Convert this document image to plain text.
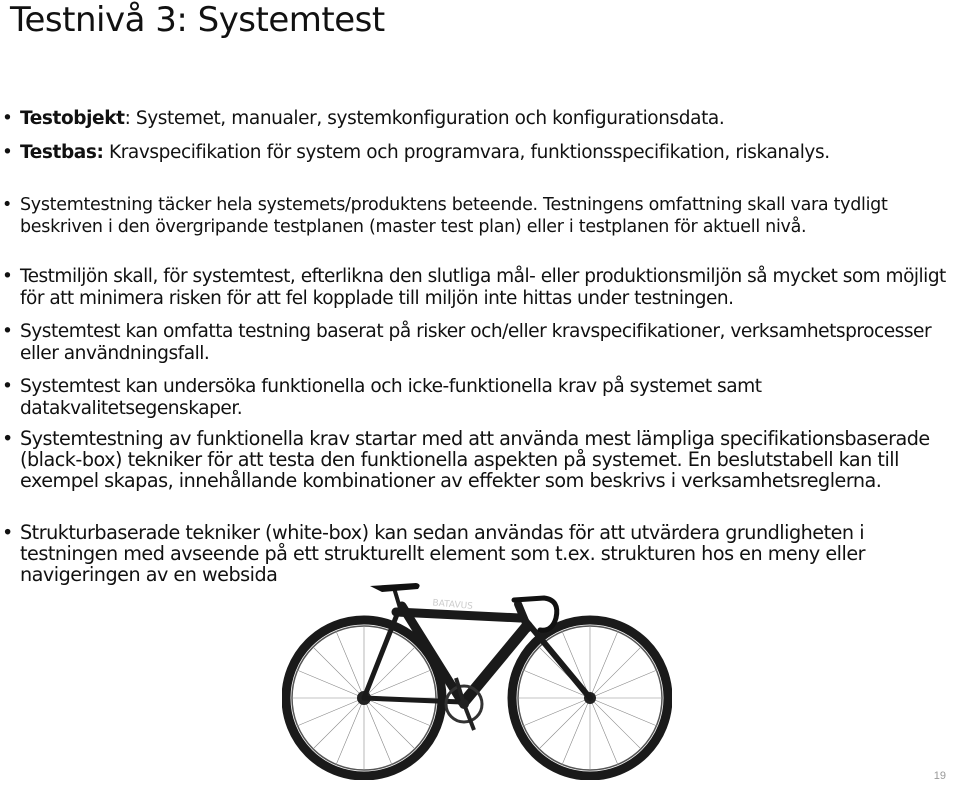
Testnivå 3: Systemtest
• Testobjekt: Systemet, manualer, systemkonfiguration och konfigurationsdata.
• Testbas: Kravspecifikation för system och programvara, funktionsspecifikation, riskanalys.
• Systemtestning täcker hela systemets/produktens beteende. Testningens omfattning skall vara tydligt beskriven i den övergripande testplanen (master test plan) eller i testplanen för aktuell nivå.
• Testmiljön skall, för systemtest, efterlikna den slutliga mål- eller produktionsmiljön så mycket som möjligt för att minimera risken för att fel kopplade till miljön inte hittas under testningen.
• Systemtest kan omfatta testning baserat på risker och/eller kravspecifikationer, verksamhetsprocesser eller användningsfall.
• Systemtest kan undersöka funktionella och icke-funktionella krav på systemet samt datakvalitetsegenskaper.
• Systemtestning av funktionella krav startar med att använda mest lämpliga specifikationsbaserade (black-box) tekniker för att testa den funktionella aspekten på systemet. En beslutstabell kan till exempel skapas, innehållande kombinationer av effekter som beskrivs i verksamhetsreglerna.
• Strukturbaserade tekniker (white-box) kan sedan användas för att utvärdera grundligheten i testningen med avseende på ett strukturellt element som t.ex. strukturen hos en meny eller navigeringen av en websida
BATAVUS
19
